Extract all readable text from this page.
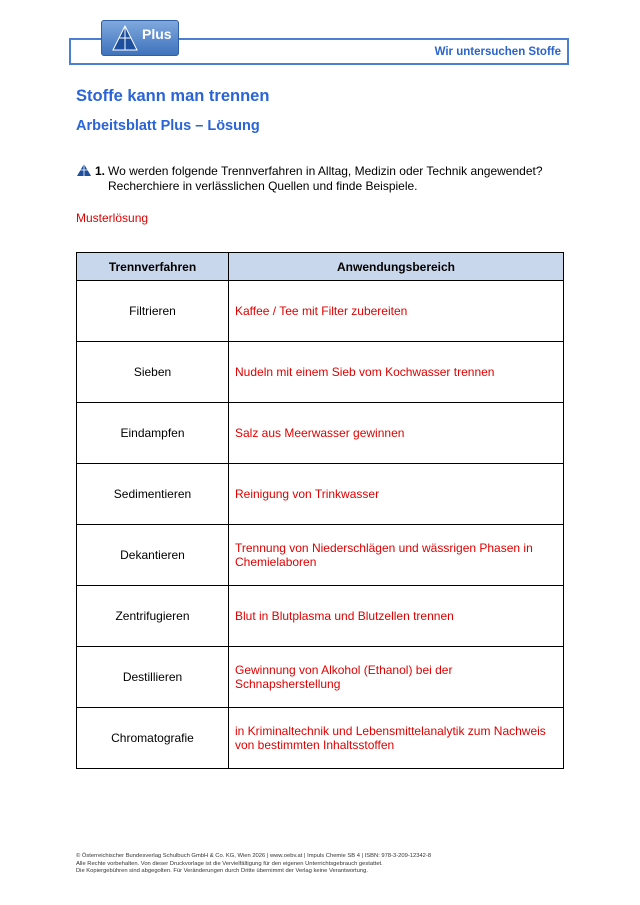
Wir untersuchen Stoffe
Plus
Stoffe kann man trennen
Arbeitsblatt Plus – Lösung
1. Wo werden folgende Trennverfahren in Alltag, Medizin oder Technik angewendet?
Recherchiere in verlässlichen Quellen und finde Beispiele.
Musterlösung
Trennverfahren	Anwendungsbereich
Filtrieren	Kaffee / Tee mit Filter zubereiten
Sieben	Nudeln mit einem Sieb vom Kochwasser trennen
Eindampfen	Salz aus Meerwasser gewinnen
Sedimentieren	Reinigung von Trinkwasser
Dekantieren	Trennung von Niederschlägen und wässrigen Phasen in Chemielaboren
Zentrifugieren	Blut in Blutplasma und Blutzellen trennen
Destillieren	Gewinnung von Alkohol (Ethanol) bei der Schnapsherstellung
Chromatografie	in Kriminaltechnik und Lebensmittelanalytik zum Nachweis von bestimmten Inhaltsstoffen
© Österreichischer Bundesverlag Schulbuch GmbH & Co. KG, Wien 2026 | www.oebv.at | Impuls Chemie SB 4 | ISBN: 978-3-209-12342-8
Alle Rechte vorbehalten. Von dieser Druckvorlage ist die Vervielfältigung für den eigenen Unterrichtsgebrauch gestattet.
Die Kopiergebühren sind abgegolten. Für Veränderungen durch Dritte übernimmt der Verlag keine Verantwortung.
